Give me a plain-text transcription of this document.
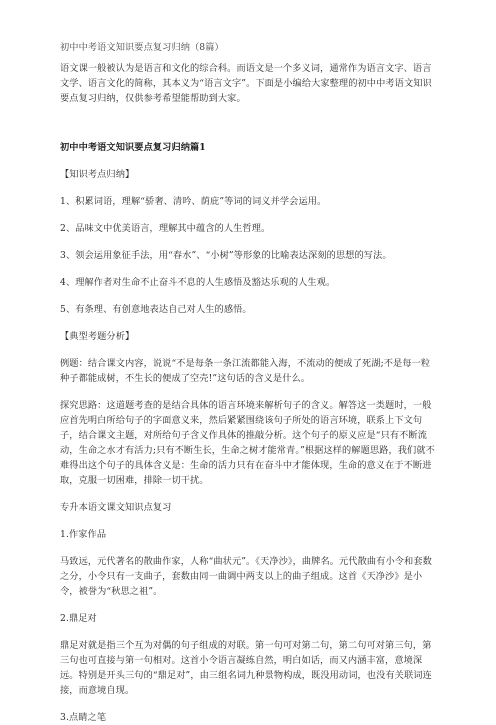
初中中考语文知识要点复习归纳（8篇）

语文课一般被认为是语言和文化的综合科。而语文是一个多义词，通常作为语言文字、语言文学、语言文化的简称，其本义为“语言文字”。下面是小编给大家整理的初中中考语文知识要点复习归纳，仅供参考希望能帮助到大家。

初中中考语文知识要点复习归纳篇1

【知识考点归纳】

1、积累词语，理解“骄奢、清吟、荫庇”等词的词义并学会运用。

2、品味文中优美语言，理解其中蕴含的人生哲理。

3、领会运用象征手法，用“春水”、“小树”等形象的比喻表达深刻的思想的写法。

4、理解作者对生命不止奋斗不息的人生感悟及豁达乐观的人生观。

5、有条理、有创意地表达自己对人生的感悟。

【典型考题分析】

例题：结合课文内容，说说“不是每条一条江流都能入海，不流动的便成了死湖;不是每一粒种子都能成树，不生长的便成了空壳!”这句话的含义是什么。

探究思路：这道题考查的是结合具体的语言环境来解析句子的含义。解答这一类题时，一般应首先明白所给句子的字面意义来，然后紧紧围绕该句子所处的语言环境，联系上下文句子，结合课文主题，对所给句子含义作具体的推敲分析。这个句子的原义应是“只有不断流动，生命之水才有活力;只有不断生长，生命之树才能常青。”根据这样的解题思路，我们就不难得出这个句子的具体含义是：生命的活力只有在奋斗中才能体现，生命的意义在于不断进取，克服一切困难，排除一切干扰。

专升本语文课文知识点复习

1.作家作品

马致远，元代著名的散曲作家，人称“曲状元”。《天净沙》，曲牌名。元代散曲有小令和套数之分，小令只有一支曲子，套数由同一曲调中两支以上的曲子组成。这首《天净沙》是小令，被誉为“秋思之祖”。

2.鼎足对

鼎足对就是指三个互为对偶的句子组成的对联。第一句可对第二句，第二句可对第三句，第三句也可直接与第一句相对。这首小令语言凝练自然，明白如话，而又内涵丰富，意境深远。特别是开头三句的“鼎足对”，由三组名词九种景物构成，既没用动词，也没有关联词连接，而意境自现。

3.点睛之笔
